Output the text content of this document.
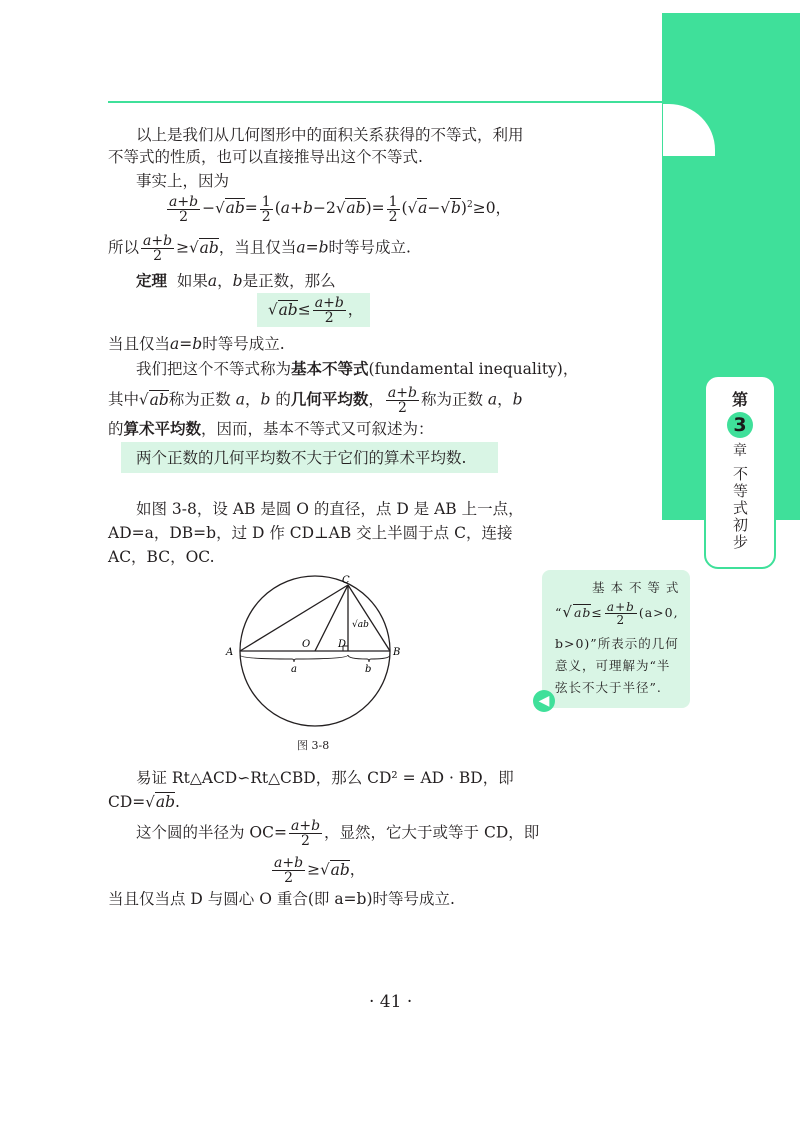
第
3
章
不等式初步
以上是我们从几何图形中的面积关系获得的不等式，利用
不等式的性质，也可以直接推导出这个不等式.
事实上，因为
$\frac{a+b}{2} -√ab= \frac{1}{2} (a+b-2√ab)= \frac{1}{2} (√a-√b)^2\ge 0$，
所以 $\frac{a+b}{2} \ge√ab$，当且仅当a=b时等号成立.
定理 如果a，b是正数，那么
$√ab\le \frac{a+b}{2}$ ，
当且仅当a=b时等号成立.
我们把这个不等式称为基本不等式(fundamental inequality)，
其中√ab称为正数 a，b 的几何平均数， $\frac{a+b}{2}$ 称为正数 a，b
的算术平均数，因而，基本不等式又可叙述为：
两个正数的几何平均数不大于它们的算术平均数.
如图 3-8，设 AB 是圆 O 的直径，点 D 是 AB 上一点，
AD=a，DB=b，过 D 作 CD⊥AB 交上半圆于点 C，连接
AC，BC，OC.
A	B
C
D
O
a	b
√ab
图 3-8
基 本 不 等 式
“$√ab\le \frac{a+b}{2} (a>0$,
b>0)”所表示的几何
意义，可理解为“半
弦长不大于半径”.
◀
易证 Rt△ACD∽Rt△CBD，那么 CD² = AD · BD，即
CD=√ab.
这个圆的半径为 $OC= \frac{a+b}{2}$ ，显然，它大于或等于 CD，即
$\frac{a+b}{2} \ge√ab$，
当且仅当点 D 与圆心 O 重合(即 a=b)时等号成立.
· 41 ·
